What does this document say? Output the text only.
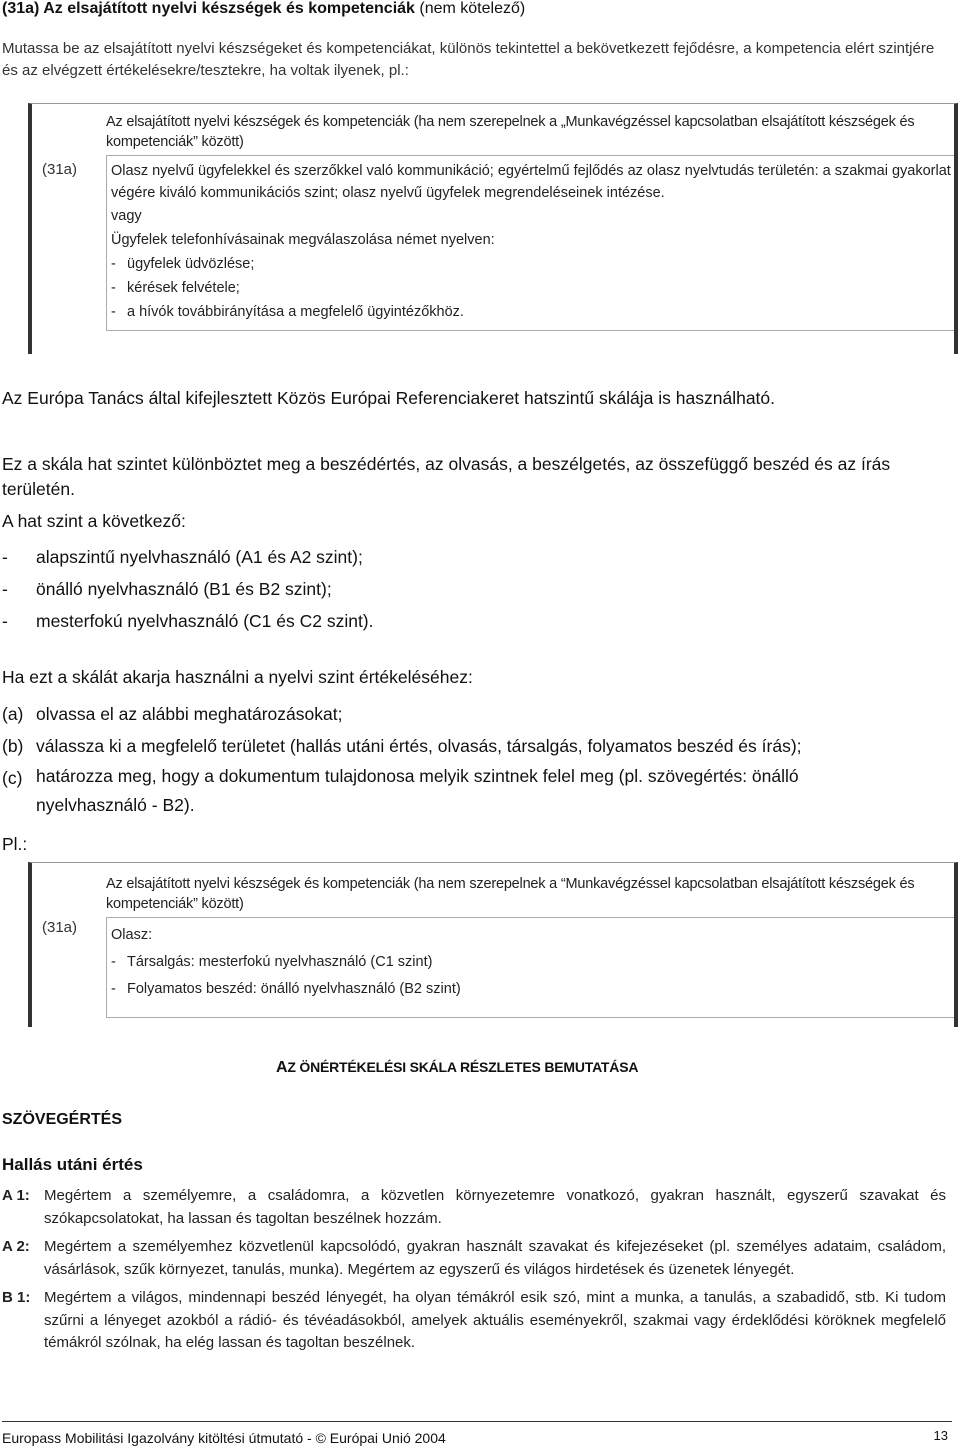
(31a) Az elsajátított nyelvi készségek és kompetenciák (nem kötelező)
Mutassa be az elsajátított nyelvi készségeket és kompetenciákat, különös tekintettel a bekövetkezett fejődésre, a kompetencia elért szintjére és az elvégzett értékelésekre/tesztekre, ha voltak ilyenek, pl.:
(31a)
Az elsajátított nyelvi készségek és kompetenciák (ha nem szerepelnek a „Munkavégzéssel kapcsolatban elsajátított készségek és kompetenciák” között)

Olasz nyelvű ügyfelekkel és szerzőkkel való kommunikáció; egyértelmű fejlődés az olasz nyelvtudás területén: a szakmai gyakorlat végére kiváló kommunikációs szint; olasz nyelvű ügyfelek megrendeléseinek intézése.

vagy

Ügyfelek telefonhívásainak megválaszolása német nyelven:

- ügyfelek üdvözlése;

- kérések felvétele;

- a hívók továbbirányítása a megfelelő ügyintézőkhöz.

Az Európa Tanács által kifejlesztett Közös Európai Referenciakeret hatszintű skálája is használható.
Ez a skála hat szintet különböztet meg a beszédértés, az olvasás, a beszélgetés, az összefüggő beszéd és az írás területén.
A hat szint a következő:
-	alapszintű nyelvhasználó (A1 és A2 szint);
-	önálló nyelvhasználó (B1 és B2 szint);
-	mesterfokú nyelvhasználó (C1 és C2 szint).
Ha ezt a skálát akarja használni a nyelvi szint értékeléséhez:
(a) olvassa el az alábbi meghatározásokat;
(b) válassza ki a megfelelő területet (hallás utáni értés, olvasás, társalgás, folyamatos beszéd és írás);
(c) határozza meg, hogy a dokumentum tulajdonosa melyik szintnek felel meg (pl. szövegértés: önálló nyelvhasználó - B2).
Pl.:
(31a)
Az elsajátított nyelvi készségek és kompetenciák (ha nem szerepelnek a “Munkavégzéssel kapcsolatban elsajátított készségek és kompetenciák” között)

Olasz:

- Társalgás: mesterfokú nyelvhasználó (C1 szint)

- Folyamatos beszéd: önálló nyelvhasználó (B2 szint)

AZ ÖNÉRTÉKELÉSI SKÁLA RÉSZLETES BEMUTATÁSA
SZÖVEGÉRTÉS
Hallás utáni értés
A 1: Megértem a személyemre, a családomra, a közvetlen környezetemre vonatkozó, gyakran használt, egyszerű szavakat és szókapcsolatokat, ha lassan és tagoltan beszélnek hozzám.
A 2: Megértem a személyemhez közvetlenül kapcsolódó, gyakran használt szavakat és kifejezéseket (pl. személyes adataim, családom, vásárlások, szűk környezet, tanulás, munka). Megértem az egyszerű és világos hirdetések és üzenetek lényegét.
B 1: Megértem a világos, mindennapi beszéd lényegét, ha olyan témákról esik szó, mint a munka, a tanulás, a szabadidő, stb. Ki tudom szűrni a lényeget azokból a rádió- és tévéadásokból, amelyek aktuális eseményekről, szakmai vagy érdeklődési köröknek megfelelő témákról szólnak, ha elég lassan és tagoltan beszélnek.
Europass Mobilitási Igazolvány kitöltési útmutató - © Európai Unió 2004	13
